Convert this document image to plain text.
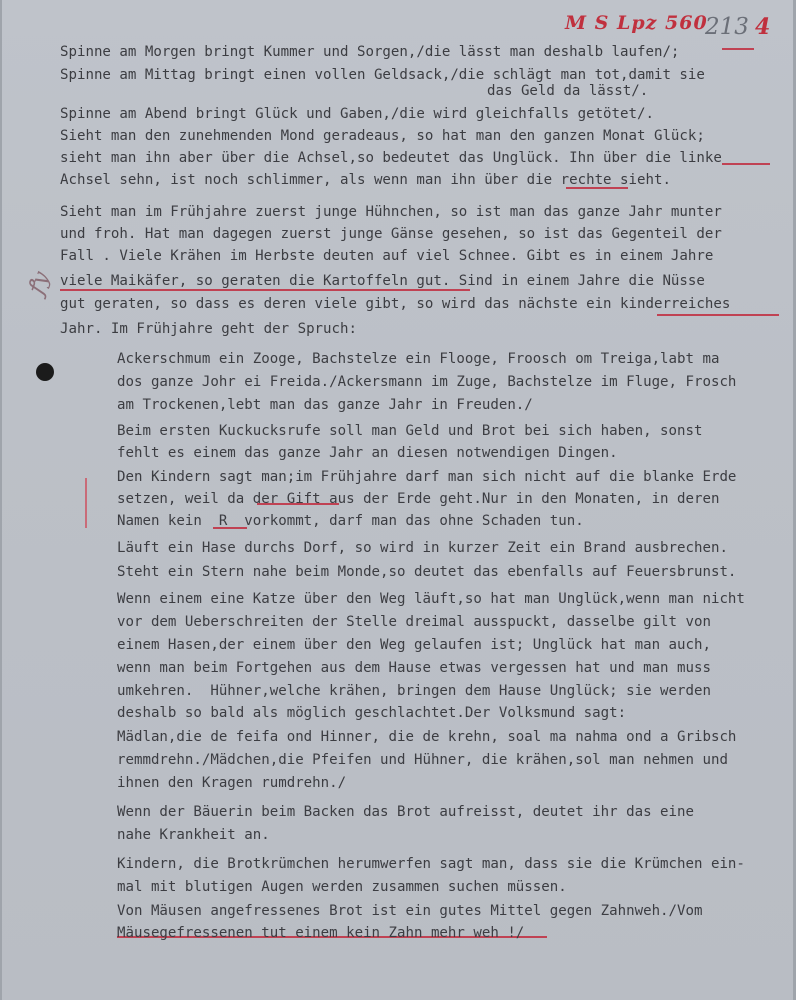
M S Lpz 560
213 4
ꝭy
Spinne am Morgen bringt Kummer und Sorgen,/die lässt man deshalb laufen/;
Spinne am Mittag bringt einen vollen Geldsack,/die schlägt man tot,damit sie
das Geld da lässt/.
Spinne am Abend bringt Glück und Gaben,/die wird gleichfalls getötet/.
Sieht man den zunehmenden Mond geradeaus, so hat man den ganzen Monat Glück;
sieht man ihn aber über die Achsel,so bedeutet das Unglück. Ihn über die linke
Achsel sehn, ist noch schlimmer, als wenn man ihn über die rechte sieht.
Sieht man im Frühjahre zuerst junge Hühnchen, so ist man das ganze Jahr munter
und froh. Hat man dagegen zuerst junge Gänse gesehen, so ist das Gegenteil der
Fall . Viele Krähen im Herbste deuten auf viel Schnee. Gibt es in einem Jahre
viele Maikäfer, so geraten die Kartoffeln gut. Sind in einem Jahre die Nüsse
gut geraten, so dass es deren viele gibt, so wird das nächste ein kinderreiches
Jahr. Im Frühjahre geht der Spruch:
Ackerschmum ein Zooge, Bachstelze ein Flooge, Froosch om Treiga,labt ma
dos ganze Johr ei Freida./Ackersmann im Zuge, Bachstelze im Fluge, Frosch
am Trockenen,lebt man das ganze Jahr in Freuden./
Beim ersten Kuckucksrufe soll man Geld und Brot bei sich haben, sonst
fehlt es einem das ganze Jahr an diesen notwendigen Dingen.
Den Kindern sagt man;im Frühjahre darf man sich nicht auf die blanke Erde
setzen, weil da der Gift aus der Erde geht.Nur in den Monaten, in deren
Namen kein  R  vorkommt, darf man das ohne Schaden tun.
Läuft ein Hase durchs Dorf, so wird in kurzer Zeit ein Brand ausbrechen.
Steht ein Stern nahe beim Monde,so deutet das ebenfalls auf Feuersbrunst.
Wenn einem eine Katze über den Weg läuft,so hat man Unglück,wenn man nicht
vor dem Ueberschreiten der Stelle dreimal ausspuckt, dasselbe gilt von
einem Hasen,der einem über den Weg gelaufen ist; Unglück hat man auch,
wenn man beim Fortgehen aus dem Hause etwas vergessen hat und man muss
umkehren.  Hühner,welche krähen, bringen dem Hause Unglück; sie werden
deshalb so bald als möglich geschlachtet.Der Volksmund sagt:
Mädlan,die de feifa ond Hinner, die de krehn, soal ma nahma ond a Gribsch
remmdrehn./Mädchen,die Pfeifen und Hühner, die krähen,sol man nehmen und
ihnen den Kragen rumdrehn./
Wenn der Bäuerin beim Backen das Brot aufreisst, deutet ihr das eine
nahe Krankheit an.
Kindern, die Brotkrümchen herumwerfen sagt man, dass sie die Krümchen ein-
mal mit blutigen Augen werden zusammen suchen müssen.
Von Mäusen angefressenes Brot ist ein gutes Mittel gegen Zahnweh./Vom
Mäusegefressenen tut einem kein Zahn mehr weh !/
